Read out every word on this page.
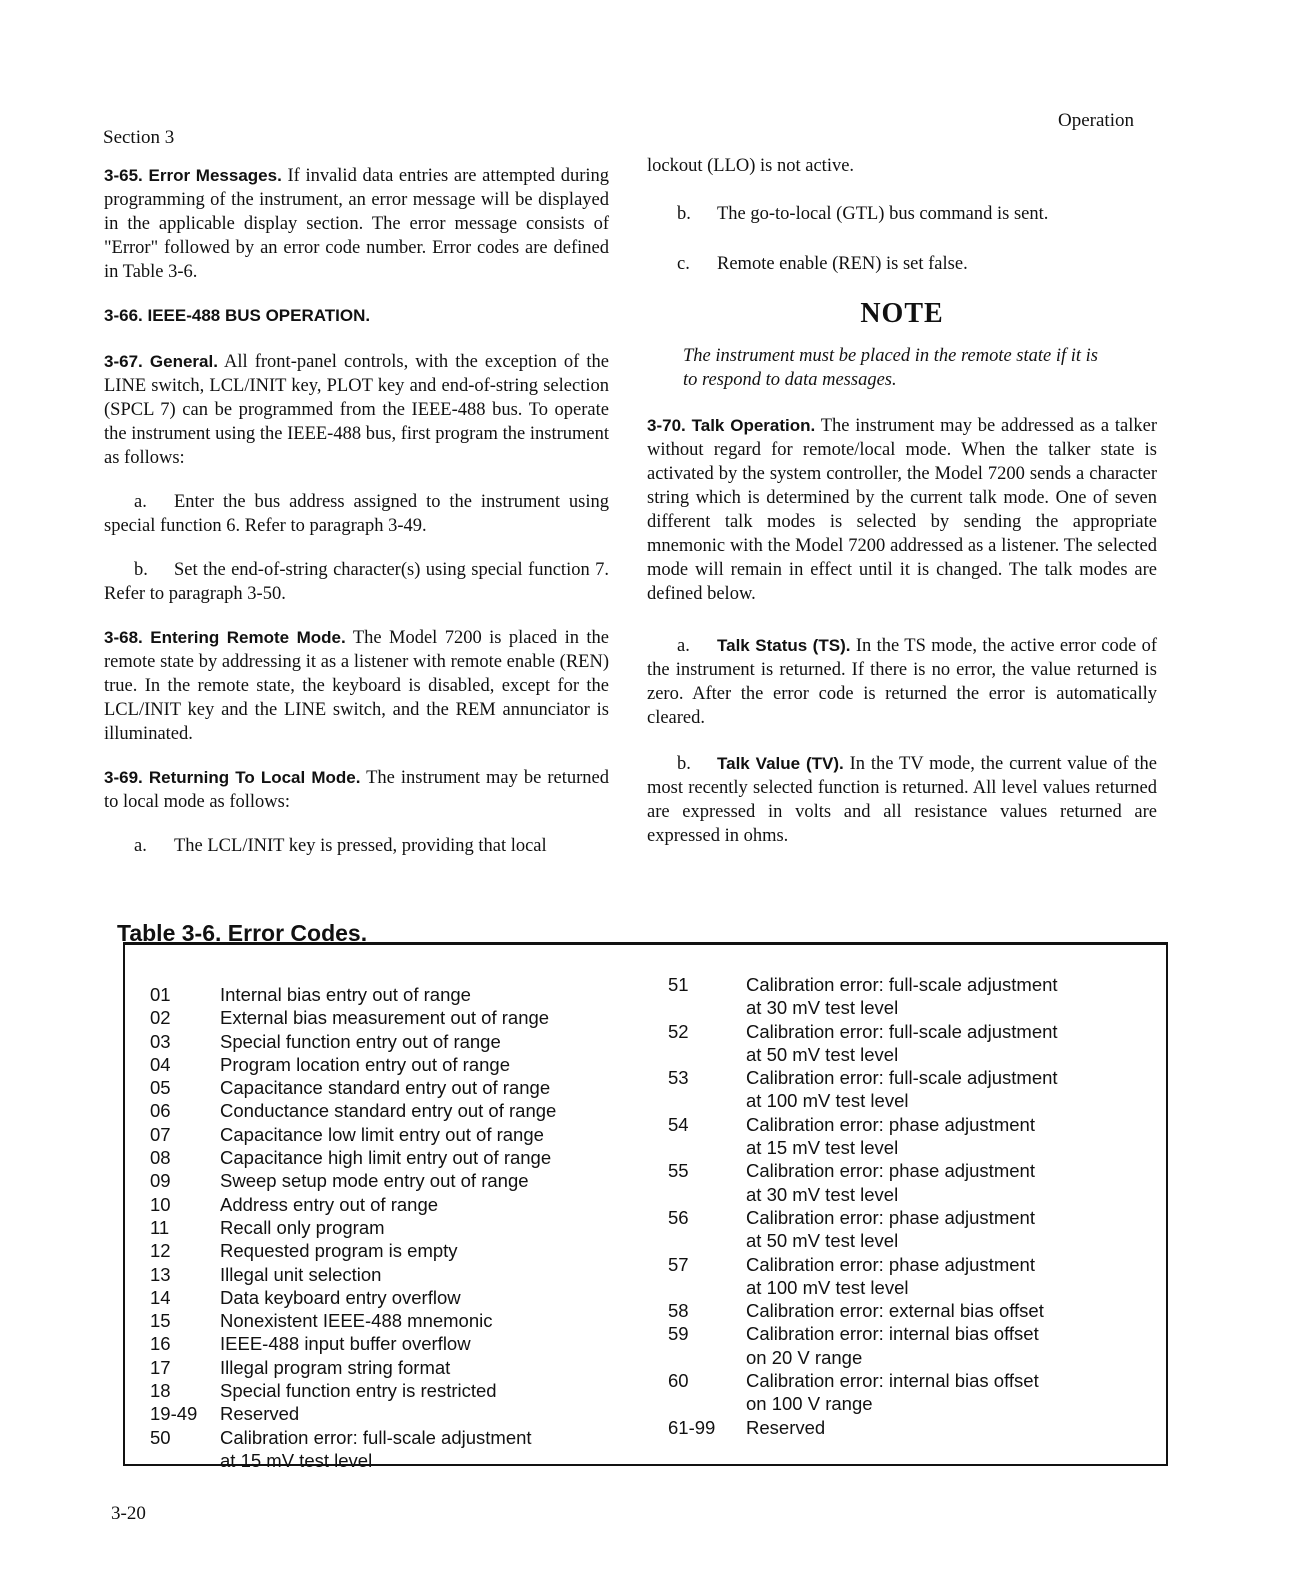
Section 3
Operation

3-65. Error Messages. If invalid data entries are attempted during programming of the instrument, an error message will be displayed in the applicable display section. The error message consists of "Error" followed by an error code number. Error codes are defined in Table 3-6.

3-66. IEEE-488 BUS OPERATION.

3-67. General. All front-panel controls, with the exception of the LINE switch, LCL/INIT key, PLOT key and end-of-string selection (SPCL 7) can be programmed from the IEEE-488 bus. To operate the instrument using the IEEE-488 bus, first program the instrument as follows:

a. Enter the bus address assigned to the instrument using special function 6. Refer to paragraph 3-49.

b. Set the end-of-string character(s) using special function 7. Refer to paragraph 3-50.

3-68. Entering Remote Mode. The Model 7200 is placed in the remote state by addressing it as a listener with remote enable (REN) true. In the remote state, the keyboard is disabled, except for the LCL/INIT key and the LINE switch, and the REM annunciator is illuminated.

3-69. Returning To Local Mode. The instrument may be returned to local mode as follows:

a.	The LCL/INIT key is pressed, providing that local

lockout (LLO) is not active.

b.	The go-to-local (GTL) bus command is sent.
c.	Remote enable (REN) is set false.
NOTE
The instrument must be placed in the remote state if it is to respond to data messages.

3-70. Talk Operation. The instrument may be addressed as a talker without regard for remote/local mode. When the talker state is activated by the system controller, the Model 7200 sends a character string which is determined by the current talk mode. One of seven different talk modes is selected by sending the appropriate mnemonic with the Model 7200 addressed as a listener. The selected mode will remain in effect until it is changed. The talk modes are defined below.

a. Talk Status (TS). In the TS mode, the active error code of the instrument is returned. If there is no error, the value returned is zero. After the error code is returned the error is automatically cleared.

b. Talk Value (TV). In the TV mode, the current value of the most recently selected function is returned. All level values returned are expressed in volts and all resistance values returned are expressed in ohms.

Table 3-6. Error Codes.
01	Internal bias entry out of range
02	External bias measurement out of range
03	Special function entry out of range
04	Program location entry out of range
05	Capacitance standard entry out of range
06	Conductance standard entry out of range
07	Capacitance low limit entry out of range
08	Capacitance high limit entry out of range
09	Sweep setup mode entry out of range
10	Address entry out of range
11	Recall only program
12	Requested program is empty
13	Illegal unit selection
14	Data keyboard entry overflow
15	Nonexistent IEEE-488 mnemonic
16	IEEE-488 input buffer overflow
17	Illegal program string format
18	Special function entry is restricted
19-49	Reserved
50	Calibration error: full-scale adjustment
at 15 mV test level
51	Calibration error: full-scale adjustment
at 30 mV test level
52	Calibration error: full-scale adjustment
at 50 mV test level
53	Calibration error: full-scale adjustment
at 100 mV test level
54	Calibration error: phase adjustment
at 15 mV test level
55	Calibration error: phase adjustment
at 30 mV test level
56	Calibration error: phase adjustment
at 50 mV test level
57	Calibration error: phase adjustment
at 100 mV test level
58	Calibration error: external bias offset
59	Calibration error: internal bias offset
on 20 V range
60	Calibration error: internal bias offset
on 100 V range
61-99	Reserved
3-20
